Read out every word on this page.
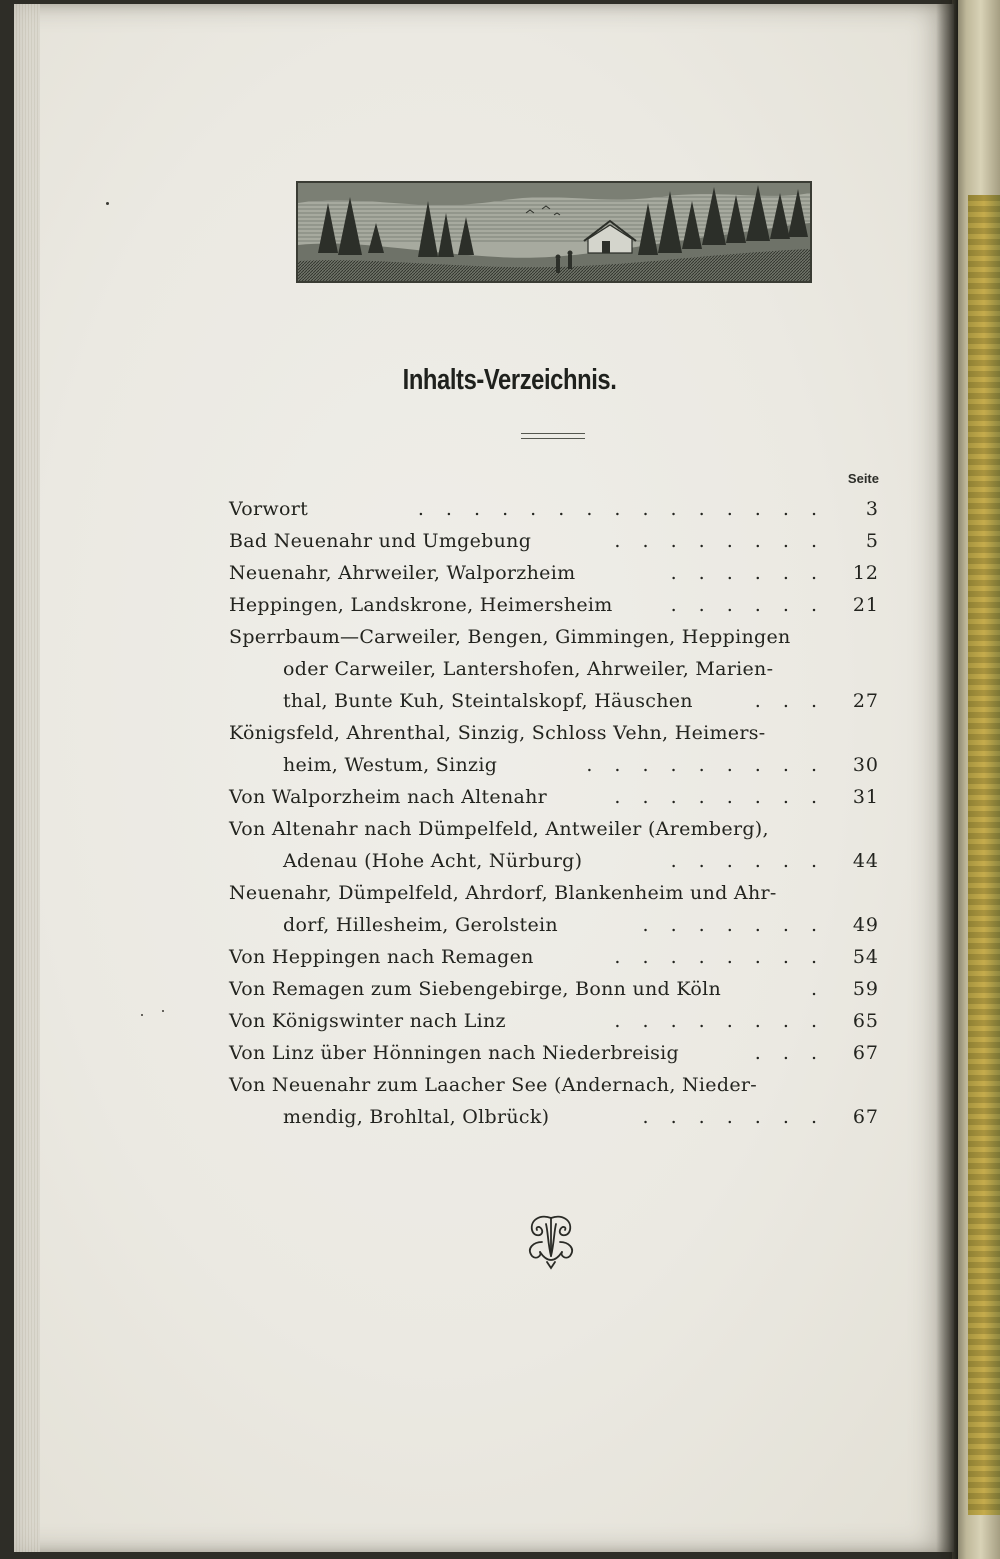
Inhalts-Verzeichnis.
Seite
Vorwort	. . . . . . . . . . . . . . .	3
Bad Neuenahr und Umgebung	. . . . . . . .	5
Neuenahr, Ahrweiler, Walporzheim	. . . . . .	12
Heppingen, Landskrone, Heimersheim	. . . . . .	21
Sperrbaum—Carweiler, Bengen, Gimmingen, Heppingen
oder Carweiler, Lantershofen, Ahrweiler, Marien-
thal, Bunte Kuh, Steintalskopf, Häuschen	. . .	27
Königsfeld, Ahrenthal, Sinzig, Schloss Vehn, Heimers-
heim, Westum, Sinzig	. . . . . . . . .	30
Von Walporzheim nach Altenahr	. . . . . . . .	31
Von Altenahr nach Dümpelfeld, Antweiler (Aremberg),
Adenau (Hohe Acht, Nürburg)	. . . . . .	44
Neuenahr, Dümpelfeld, Ahrdorf, Blankenheim und Ahr-
dorf, Hillesheim, Gerolstein	. . . . . . .	49
Von Heppingen nach Remagen	. . . . . . . .	54
Von Remagen zum Siebengebirge, Bonn und Köln	.	59
Von Königswinter nach Linz	. . . . . . . .	65
Von Linz über Hönningen nach Niederbreisig	. . .	67
Von Neuenahr zum Laacher See (Andernach, Nieder-
mendig, Brohltal, Olbrück)	. . . . . . .	67
